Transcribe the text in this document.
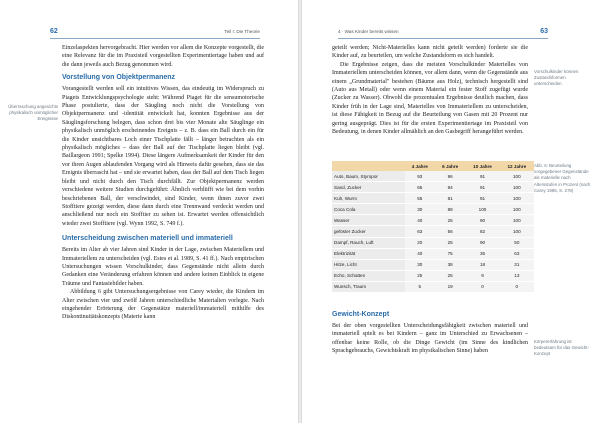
62	Teil I: Die Theorie
Überraschung angesichts physikalisch unmöglicher Ereignisse

Einzelaspekten hervorgebracht. Hier werden vor allem die Konzepte vorgestellt, die eine Relevanz für die im Praxisteil vorgestellten Experimentiertage haben und auf die dann jeweils auch Bezug genommen wird.

Vorstellung von Objektpermanenz

Vorangestellt werden soll ein intuitives Wissen, das eindeutig im Widerspruch zu Piagets Entwicklungspsychologie steht: Während Piaget für die sensumotorische Phase postulierte, dass der Säugling noch nicht die Vorstellung von Objektpermanenz und -identität entwickelt hat, konnten Ergebnisse aus der Säuglingsforschung belegen, dass schon drei bis vier Monate alte Säuglinge ein physikalisch unmöglich erscheinendes Ereignis – z. B. dass ein Ball durch ein für die Kinder unsichtbares Loch einer Tischplatte fällt – länger betrachten als ein physikalisch mögliches – dass der Ball auf der Tischplatte liegen bleibt (vgl. Baillargeon 1991; Spelke 1994). Diese längere Aufmerksamkeit der Kinder für den vor ihren Augen ablaufenden Vorgang wird als Hinweis dafür gesehen, dass sie das Ereignis überrascht hat – und sie erwartet haben, dass der Ball auf dem Tisch liegen bleibt und nicht durch den Tisch durchfällt. Zur Objektpermanenz werden verschiedene weitere Studien durchgeführt: Ähnlich verblüfft wie bei dem vorhin beschriebenen Ball, der verschwindet, sind Kinder, wenn ihnen zuvor zwei Stofftiere gezeigt werden, diese dann durch eine Trennwand verdeckt werden und anschließend nur noch ein Stofftier zu sehen ist. Erwartet werden offensichtlich wieder zwei Stofftiere (vgl. Wynn 1992, S. 749 f.).

Unterscheidung zwischen materiell und immateriell

Bereits im Alter ab vier Jahren sind Kinder in der Lage, zwischen Materiellem und Immateriellem zu unterscheiden (vgl. Estes et al. 1989, S. 41 ff.). Nach empirischen Untersuchungen wissen Vorschulkinder, dass Gegenstände nicht allein durch Gedanken eine Veränderung erfahren können und andere keinen Einblick in eigene Träume und Fantasiebilder haben.

Abbildung 6 gibt Untersuchungsergebnisse von Carey wieder, die Kindern im Alter zwischen vier und zwölf Jahren unterschiedliche Materialien vorlegte. Nach eingehender Erörterung der Gegenstätze materiell/immateriell mithilfe des Diskontinuitätskonzepts (Materie kann

4 · Was Kinder bereits wissen	63
Vorschulkinder können Zustandsformen unterscheiden
Abb. 6: Beurteilung vorgegebener Gegenstände als materielle nach Altersstufen in Prozent (nach Carey 1985, S. 278)
Körpererfahrung ist bedeutsam für das Gewicht-Konzept

geteilt werden; Nicht-Materielles kann nicht geteilt werden) forderte sie die Kinder auf, zu beurteilen, um welche Zustandsform es sich handelt.

Die Ergebnisse zeigen, dass die meisten Vorschulkinder Materielles von Immateriellem unterscheiden können, vor allem dann, wenn die Gegenstände aus einem „Grundmaterial" bestehen (Bäume aus Holz), technisch hergestellt sind (Auto aus Metall) oder wenn einem Material ein fester Stoff zugefügt wurde (Zucker zu Wasser). Obwohl die prozentualen Ergebnisse deutlich machen, dass Kinder früh in der Lage sind, Materielles von Immateriellem zu unterscheiden, ist diese Fähigkeit in Bezug auf die Beurteilung von Gasen mit 20 Prozent nur gering ausgeprägt. Dies ist für die ersten Experimentiertage im Praxisteil von Bedeutung, in denen Kinder allmählich an den Gasbegriff herangeführt werden.

	4 Jahre	6 Jahre	10 Jahre	12 Jahre
Auto, Baum, Styropor	93	96	91	100
Sand, Zucker	65	94	91	100
Kuh, Wurm	55	81	91	100
Coca Cola	30	88	100	100
Wasser	40	25	90	100
gelöster Zucker	63	56	82	100
Dampf, Rauch, Luft	20	25	90	50
Elektrizität	40	75	36	63
Hitze, Licht	30	38	18	31
Echo, Schatten	25	25	9	13
Wunsch, Traum	5	19	0	0
Gewicht-Konzept

Bei der oben vorgestellten Unterscheidungsfähigkeit zwischen materiell und immateriell spielt es bei Kindern – ganz im Unterschied zu Erwachsenen – offenbar keine Rolle, ob die Dinge Gewicht (im Sinne des kindlichen Sprachgebrauchs, Gewichtskraft im physikalischen Sinne) haben
